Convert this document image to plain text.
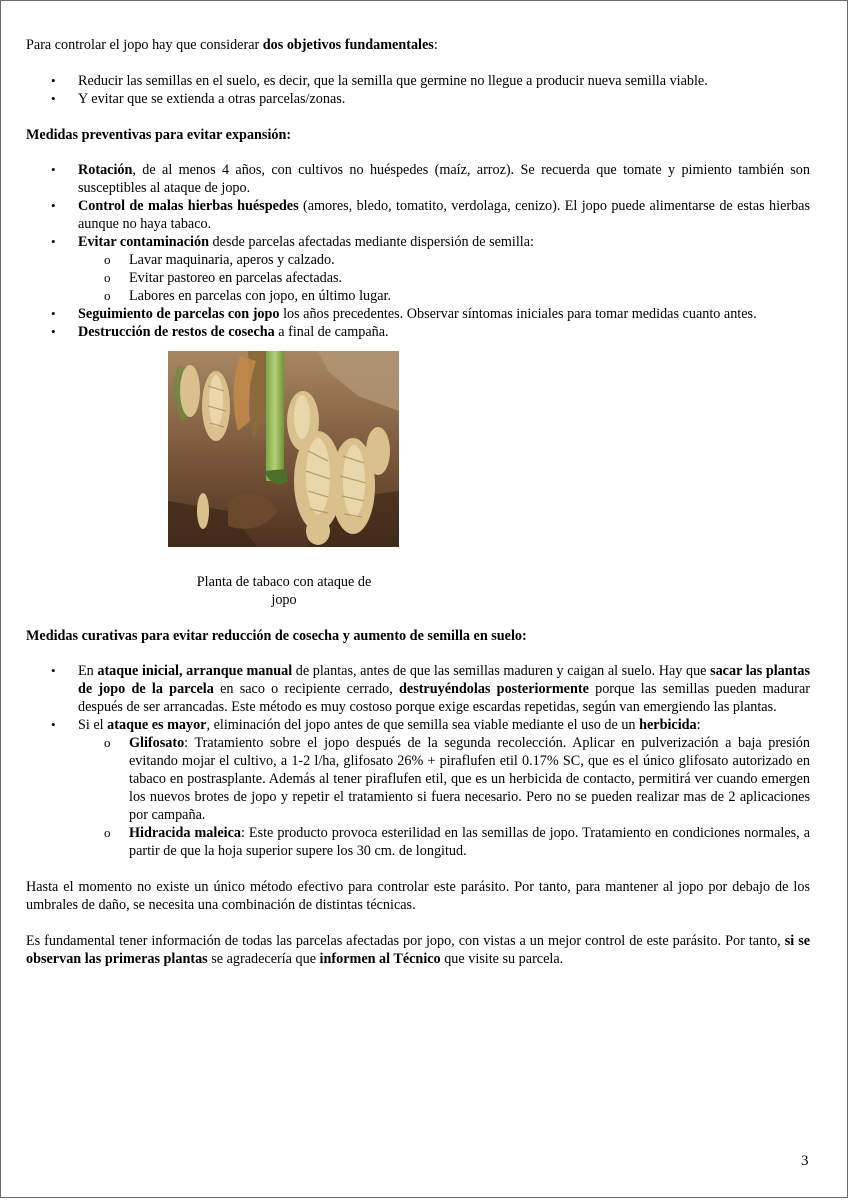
Para controlar el jopo hay que considerar dos objetivos fundamentales:

• Reducir las semillas en el suelo, es decir, que la semilla que germine no llegue a producir nueva semilla viable.
• Y evitar que se extienda a otras parcelas/zonas.

Medidas preventivas para evitar expansión:

• Rotación, de al menos 4 años, con cultivos no huéspedes (maíz, arroz). Se recuerda que tomate y pimiento también son susceptibles al ataque de jopo.
• Control de malas hierbas huéspedes (amores, bledo, tomatito, verdolaga, cenizo). El jopo puede alimentarse de estas hierbas aunque no haya tabaco.
• Evitar contaminación desde parcelas afectadas mediante dispersión de semilla:
o Lavar maquinaria, aperos y calzado.
o Evitar pastoreo en parcelas afectadas.
o Labores en parcelas con jopo, en último lugar.
• Seguimiento de parcelas con jopo los años precedentes. Observar síntomas iniciales para tomar medidas cuanto antes.
• Destrucción de restos de cosecha a final de campaña.
Planta de tabaco con ataque de
jopo

Medidas curativas para evitar reducción de cosecha y aumento de semilla en suelo:

• En ataque inicial, arranque manual de plantas, antes de que las semillas maduren y caigan al suelo. Hay que sacar las plantas de jopo de la parcela en saco o recipiente cerrado, destruyéndolas posteriormente porque las semillas pueden madurar después de ser arrancadas. Este método es muy costoso porque exige escardas repetidas, según van emergiendo las plantas.
• Si el ataque es mayor, eliminación del jopo antes de que semilla sea viable mediante el uso de un herbicida:
o Glifosato: Tratamiento sobre el jopo después de la segunda recolección. Aplicar en pulverización a baja presión evitando mojar el cultivo, a 1-2 l/ha, glifosato 26% + piraflufen etil 0.17% SC, que es el único glifosato autorizado en tabaco en postrasplante. Además al tener piraflufen etil, que es un herbicida de contacto, permitirá ver cuando emergen los nuevos brotes de jopo y repetir el tratamiento si fuera necesario. Pero no se pueden realizar mas de 2 aplicaciones por campaña.
o Hidracida maleica: Este producto provoca esterilidad en las semillas de jopo. Tratamiento en condiciones normales, a partir de que la hoja superior supere los 30 cm. de longitud.

Hasta el momento no existe un único método efectivo para controlar este parásito. Por tanto, para mantener al jopo por debajo de los umbrales de daño, se necesita una combinación de distintas técnicas.

Es fundamental tener información de todas las parcelas afectadas por jopo, con vistas a un mejor control de este parásito. Por tanto, si se observan las primeras plantas se agradecería que informen al Técnico que visite su parcela.

3
